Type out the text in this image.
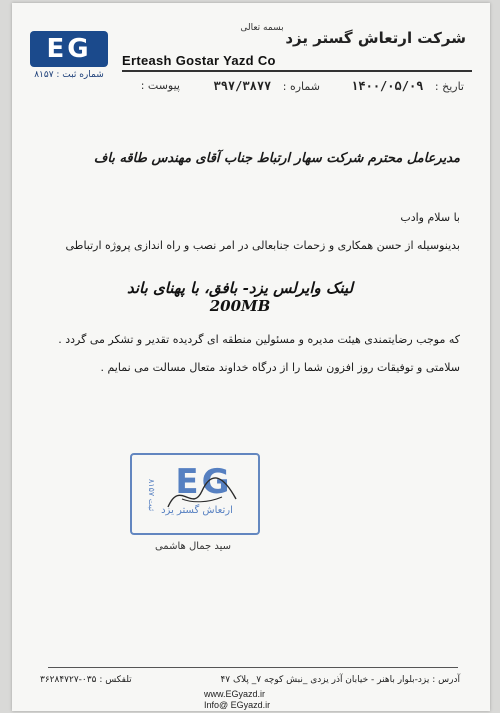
EG
شماره ثبت : ۸۱۵۷
بسمه تعالی
شرکت ارتعاش گستر یزد
Erteash Gostar Yazd Co
تاریخ : ۱۴۰۰/۰۵/۰۹
شماره : ۳۹۷/۳۸۷۷
پیوست :
مدیرعامل محترم شرکت سهار ارتباط جناب آقای مهندس طاقه باف
با سلام وادب
بدینوسیله از حسن همکاری و زحمات جنابعالی در امر نصب و راه اندازی پروژه ارتباطی
لینک وایرلس یزد- بافق، با پهنای باند 200MB
که موجب رضایتمندی هیئت مدیره و مسئولین منطقه ای گردیده تقدیر و تشکر می گردد .
سلامتی و توفیقات روز افزون شما را از درگاه خداوند متعال مسالت می نمایم .
ثبت ۸۱۵۷
EG
ارتعاش گستر یزد
سید جمال هاشمی
آدرس : یزد-بلوار باهنر - خیابان آذر یزدی _نبش کوچه ۷_ پلاک ۴۷
تلفکس : ۰۳۵-۳۶۲۸۴۷۲۷
www.EGyazd.ir
Info@ EGyazd.ir
